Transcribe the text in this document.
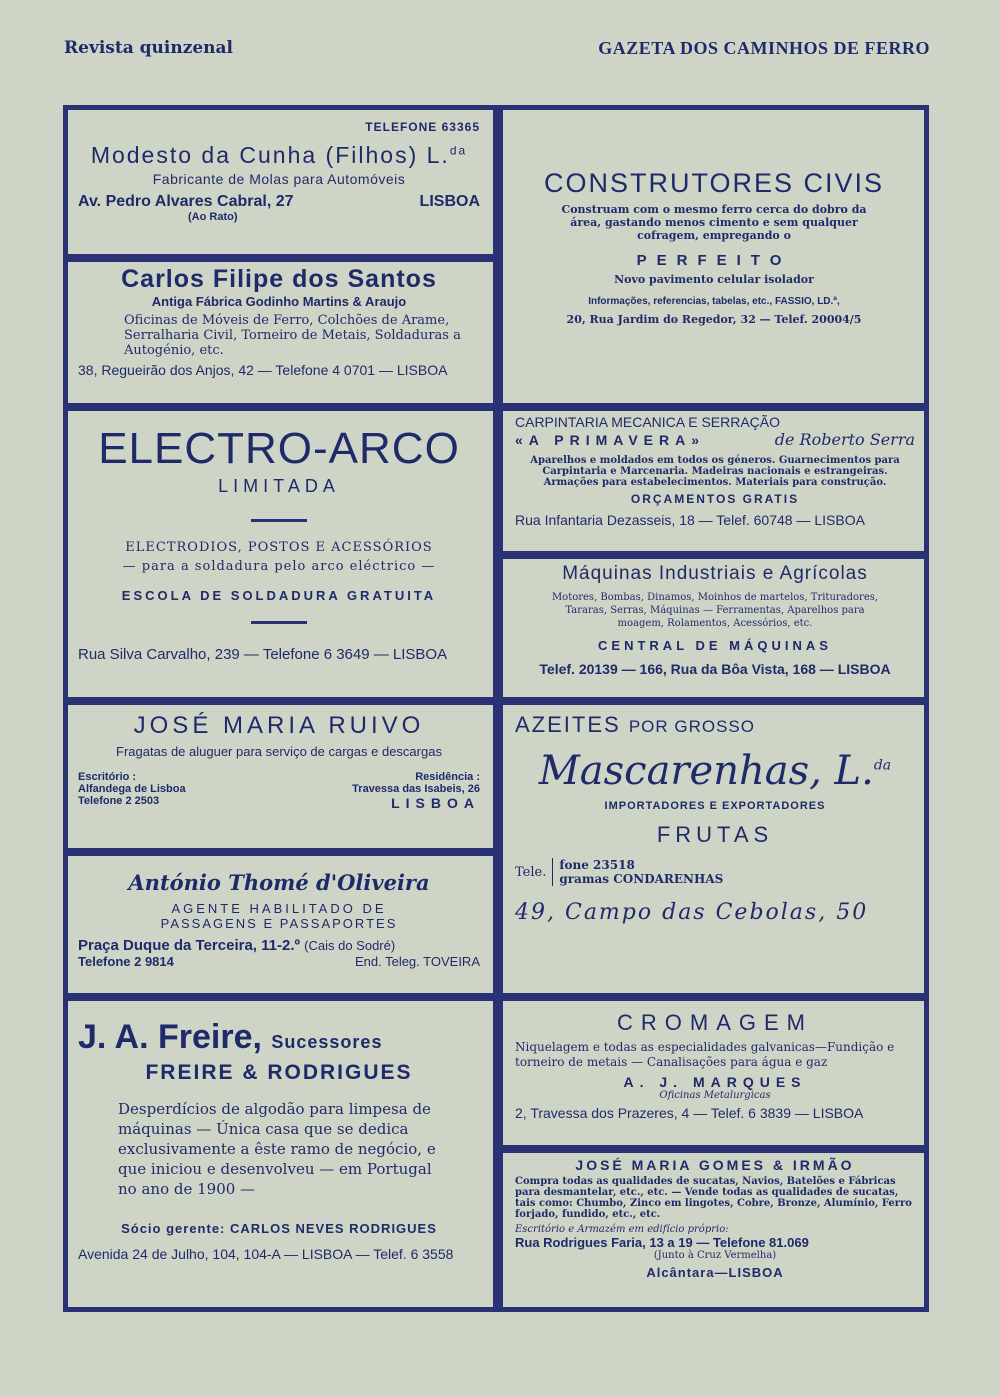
Revista quinzenal	GAZETA DOS CAMINHOS DE FERRO
TELEFONE 63365
Modesto da Cunha (Filhos) L.$^{da}$
Fabricante de Molas para Automóveis
Av. Pedro Alvares Cabral, 27	LISBOA
(Ao Rato)
CONSTRUTORES CIVIS
Construam com o mesmo ferro cerca do dobro da área, gastando menos cimento e sem qualquer cofragem, empregando o
PERFEITO
Novo pavimento celular isolador
Informações, referencias, tabelas, etc., FASSIO, LD.ª,
20, Rua Jardim do Regedor, 32 — Telef. 20004/5
Carlos Filipe dos Santos
Antiga Fábrica Godinho Martins & Araujo
Oficinas de Móveis de Ferro, Colchões de Arame, Serralharia Civil, Torneiro de Metais, Soldaduras a Autogénio, etc.
38, Regueirão dos Anjos, 42 — Telefone 4 0701 — LISBOA
ELECTRO-ARCO
LIMITADA
ELECTRODIOS, POSTOS E ACESSÓRIOS
— para a soldadura pelo arco eléctrico —
ESCOLA DE SOLDADURA GRATUITA
Rua Silva Carvalho, 239 — Telefone 6 3649 — LISBOA
CARPINTARIA MECANICA E SERRAÇÃO
«A PRIMAVERA»	de Roberto Serra
Aparelhos e moldados em todos os géneros. Guarnecimentos para Carpintaria e Marcenaria. Madeiras nacionais e estrangeiras. Armações para estabelecimentos. Materiais para construção.
ORÇAMENTOS GRATIS
Rua Infantaria Dezasseis, 18 — Telef. 60748 — LISBOA
Máquinas Industriais e Agrícolas
Motores, Bombas, Dinamos, Moinhos de martelos, Trituradores, Tararas, Serras, Máquinas — Ferramentas, Aparelhos para moagem, Rolamentos, Acessórios, etc.
CENTRAL DE MÁQUINAS
Telef. 20139 — 166, Rua da Bôa Vista, 168 — LISBOA
JOSÉ MARIA RUIVO
Fragatas de aluguer para serviço de cargas e descargas
Escritório :
Alfandega de Lisboa
Telefone 2 2503
Residência :
Travessa das Isabeis, 26
LISBOA
AZEITES POR GROSSO
Mascarenhas, L.$^{da}$
IMPORTADORES E EXPORTADORES
FRUTAS
Tele. fone 23518
gramas CONDARENHAS
49, Campo das Cebolas, 50
António Thomé d'Oliveira
AGENTE HABILITADO DE
PASSAGENS E PASSAPORTES
Praça Duque da Terceira, 11-2.º (Cais do Sodré)
Telefone 2 9814	End. Teleg. TOVEIRA
J. A. Freire, Sucessores
FREIRE & RODRIGUES
Desperdícios de algodão para limpesa de máquinas — Única casa que se dedica exclusivamente a êste ramo de negócio, e que iniciou e desenvolveu — em Portugal no ano de 1900 —
Sócio gerente: CARLOS NEVES RODRIGUES
Avenida 24 de Julho, 104, 104-A — LISBOA — Telef. 6 3558
CROMAGEM
Niquelagem e todas as especialidades galvanicas—Fundição e torneiro de metais — Canalisações para água e gaz
A. J. MARQUES
Oficinas Metalurgicas
2, Travessa dos Prazeres, 4 — Telef. 6 3839 — LISBOA
JOSÉ MARIA GOMES & IRMÃO
Compra todas as qualidades de sucatas, Navios, Batelões e Fábricas para desmantelar, etc., etc. — Vende todas as qualidades de sucatas, tais como: Chumbo, Zinco em lingotes, Cobre, Bronze, Alumínio, Ferro forjado, fundido, etc., etc.
Escritório e Armazém em edifício próprio:
Rua Rodrigues Faria, 13 a 19 — Telefone 81.069
(Junto à Cruz Vermelha)
Alcântara—LISBOA
